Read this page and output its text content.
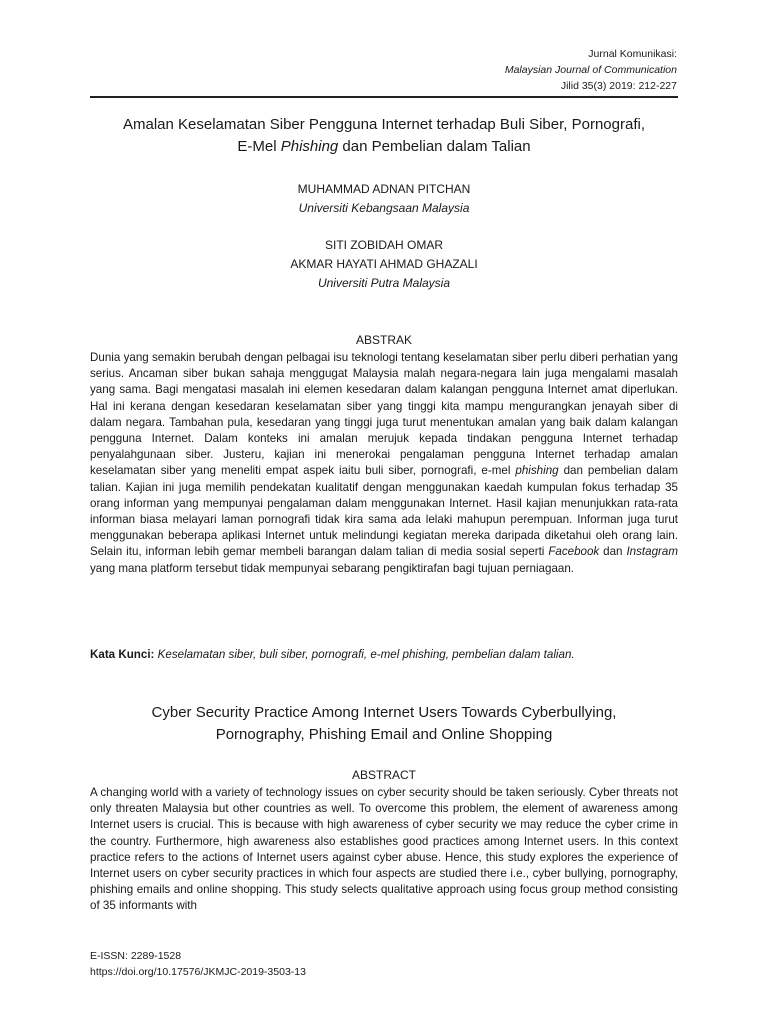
Jurnal Komunikasi:
Malaysian Journal of Communication
Jilid 35(3) 2019: 212-227
Amalan Keselamatan Siber Pengguna Internet terhadap Buli Siber, Pornografi,
E-Mel Phishing dan Pembelian dalam Talian
MUHAMMAD ADNAN PITCHAN
Universiti Kebangsaan Malaysia
SITI ZOBIDAH OMAR
AKMAR HAYATI AHMAD GHAZALI
Universiti Putra Malaysia
ABSTRAK
Dunia yang semakin berubah dengan pelbagai isu teknologi tentang keselamatan siber perlu diberi perhatian yang serius. Ancaman siber bukan sahaja menggugat Malaysia malah negara-negara lain juga mengalami masalah yang sama. Bagi mengatasi masalah ini elemen kesedaran dalam kalangan pengguna Internet amat diperlukan. Hal ini kerana dengan kesedaran keselamatan siber yang tinggi kita mampu mengurangkan jenayah siber di dalam negara. Tambahan pula, kesedaran yang tinggi juga turut menentukan amalan yang baik dalam kalangan pengguna Internet. Dalam konteks ini amalan merujuk kepada tindakan pengguna Internet terhadap penyalahgunaan siber. Justeru, kajian ini menerokai pengalaman pengguna Internet terhadap amalan keselamatan siber yang meneliti empat aspek iaitu buli siber, pornografi, e-mel phishing dan pembelian dalam talian. Kajian ini juga memilih pendekatan kualitatif dengan menggunakan kaedah kumpulan fokus terhadap 35 orang informan yang mempunyai pengalaman dalam menggunakan Internet. Hasil kajian menunjukkan rata-rata informan biasa melayari laman pornografi tidak kira sama ada lelaki mahupun perempuan. Informan juga turut menggunakan beberapa aplikasi Internet untuk melindungi kegiatan mereka daripada diketahui oleh orang lain. Selain itu, informan lebih gemar membeli barangan dalam talian di media sosial seperti Facebook dan Instagram yang mana platform tersebut tidak mempunyai sebarang pengiktirafan bagi tujuan perniagaan.
Kata Kunci: Keselamatan siber, buli siber, pornografi, e-mel phishing, pembelian dalam talian.
Cyber Security Practice Among Internet Users Towards Cyberbullying,
Pornography, Phishing Email and Online Shopping
ABSTRACT
A changing world with a variety of technology issues on cyber security should be taken seriously. Cyber threats not only threaten Malaysia but other countries as well. To overcome this problem, the element of awareness among Internet users is crucial. This is because with high awareness of cyber security we may reduce the cyber crime in the country. Furthermore, high awareness also establishes good practices among Internet users. In this context practice refers to the actions of Internet users against cyber abuse. Hence, this study explores the experience of Internet users on cyber security practices in which four aspects are studied there i.e., cyber bullying, pornography, phishing emails and online shopping. This study selects qualitative approach using focus group method consisting of 35 informants with
E-ISSN: 2289-1528
https://doi.org/10.17576/JKMJC-2019-3503-13
